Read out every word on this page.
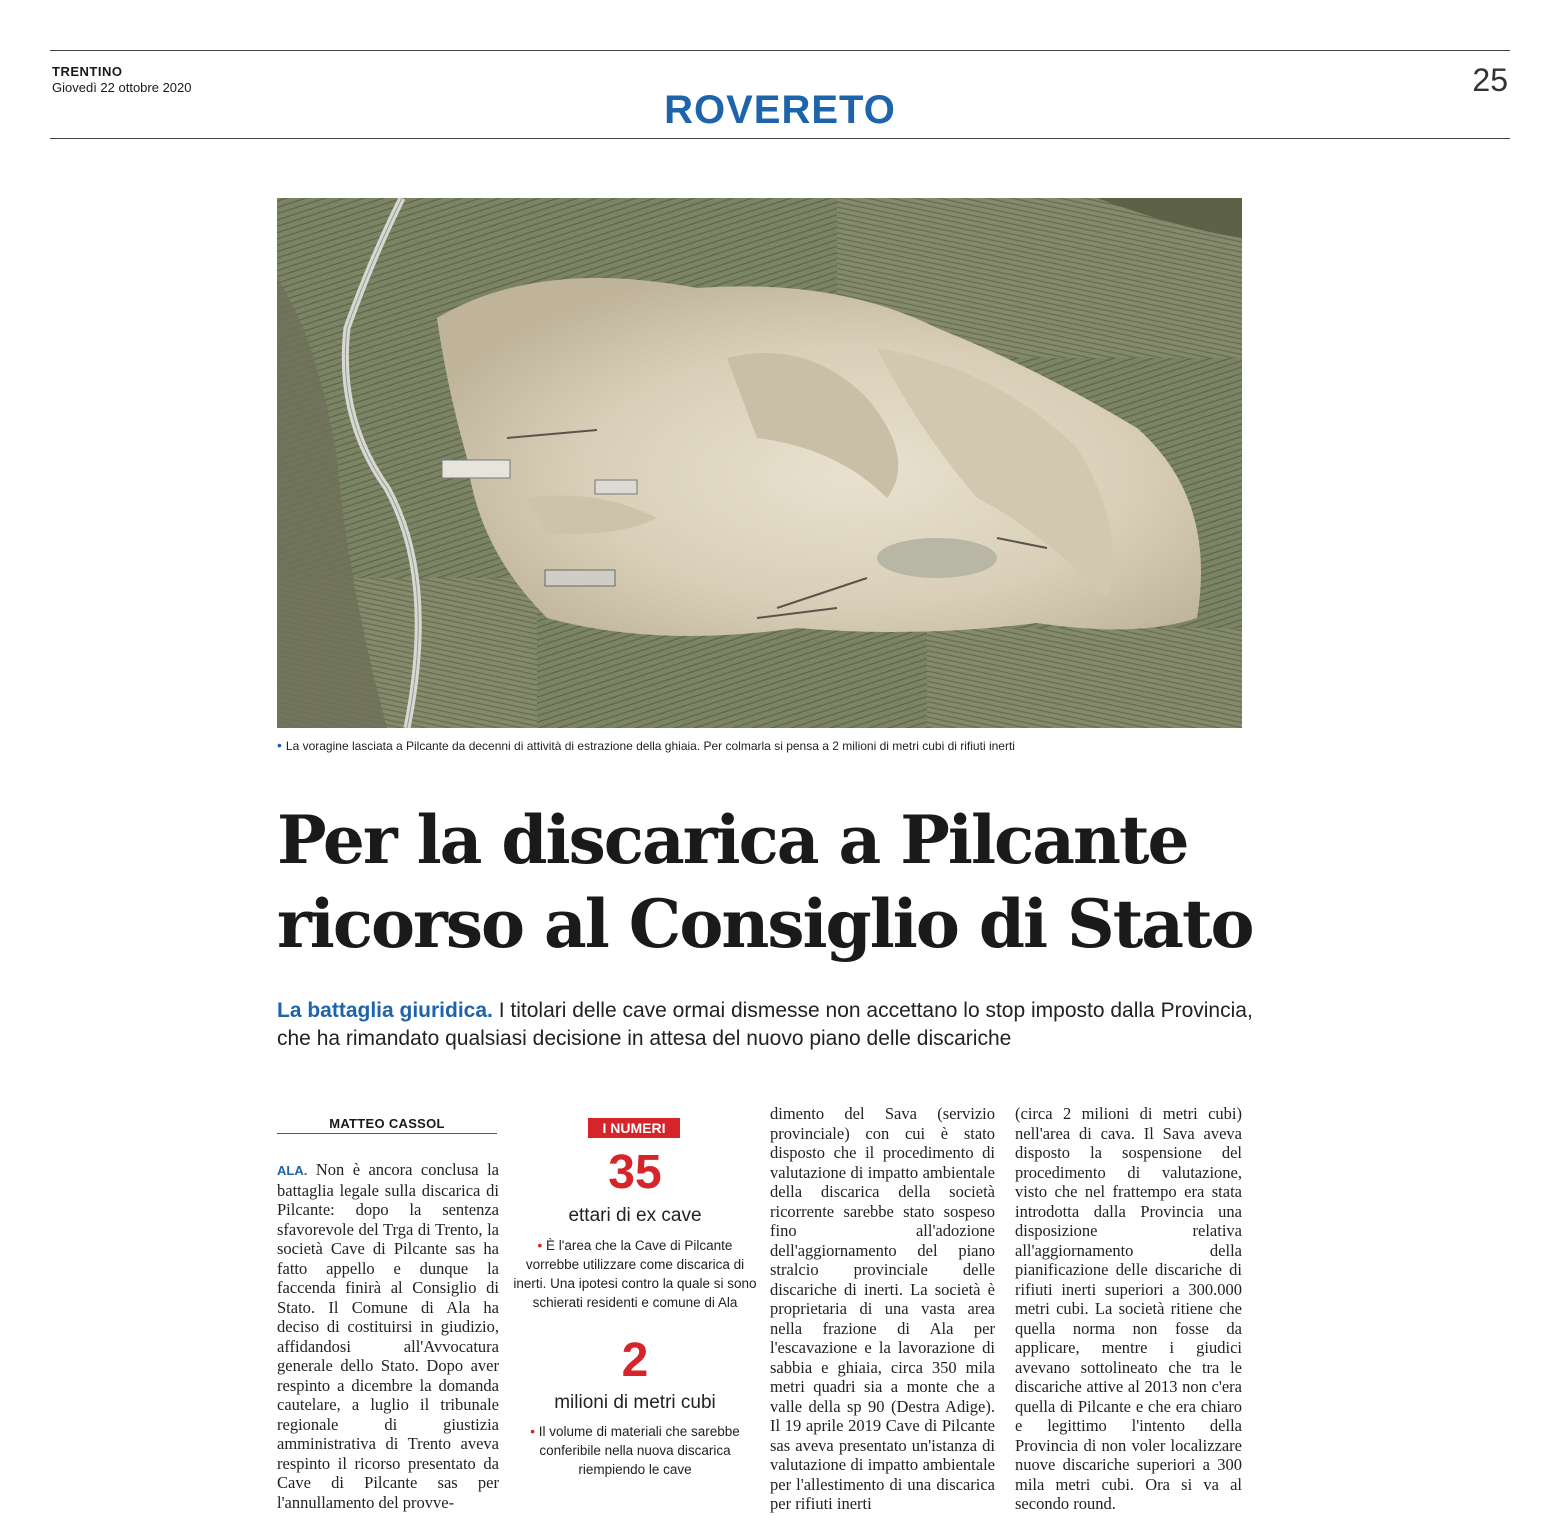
TRENTINO
Giovedì 22 ottobre 2020
ROVERETO
25
• La voragine lasciata a Pilcante da decenni di attività di estrazione della ghiaia. Per colmarla si pensa a 2 milioni di metri cubi di rifiuti inerti
Per la discarica a Pilcante
ricorso al Consiglio di Stato
La battaglia giuridica. I titolari delle cave ormai dismesse non accettano lo stop imposto dalla Provincia, che ha rimandato qualsiasi decisione in attesa del nuovo piano delle discariche
MATTEO CASSOL
ALA. Non è ancora conclusa la battaglia legale sulla discarica di Pilcante: dopo la sentenza sfavorevole del Trga di Trento, la società Cave di Pilcante sas ha fatto appello e dunque la faccenda finirà al Consiglio di Stato. Il Comune di Ala ha deciso di costituirsi in giudizio, affidandosi all'Avvocatura generale dello Stato. Dopo aver respinto a dicembre la domanda cautelare, a luglio il tribunale regionale di giustizia amministrativa di Trento aveva respinto il ricorso presentato da Cave di Pilcante sas per l'annullamento del provve-
I NUMERI
35
ettari di ex cave
• È l'area che la Cave di Pilcante vorrebbe utilizzare come discarica di inerti. Una ipotesi contro la quale si sono schierati residenti e comune di Ala
2
milioni di metri cubi
• Il volume di materiali che sarebbe conferibile nella nuova discarica riempiendo le cave
dimento del Sava (servizio provinciale) con cui è stato disposto che il procedimento di valutazione di impatto ambientale della discarica della società ricorrente sarebbe stato sospeso fino all'adozione dell'aggiornamento del piano stralcio provinciale delle discariche di inerti. La società è proprietaria di una vasta area nella frazione di Ala per l'escavazione e la lavorazione di sabbia e ghiaia, circa 350 mila metri quadri sia a monte che a valle della sp 90 (Destra Adige). Il 19 aprile 2019 Cave di Pilcante sas aveva presentato un'istanza di valutazione di impatto ambientale per l'allestimento di una discarica per rifiuti inerti
(circa 2 milioni di metri cubi) nell'area di cava. Il Sava aveva disposto la sospensione del procedimento di valutazione, visto che nel frattempo era stata introdotta dalla Provincia una disposizione relativa all'aggiornamento della pianificazione delle discariche di rifiuti inerti superiori a 300.000 metri cubi. La società ritiene che quella norma non fosse da applicare, mentre i giudici avevano sottolineato che tra le discariche attive al 2013 non c'era quella di Pilcante e che era chiaro e legittimo l'intento della Provincia di non voler localizzare nuove discariche superiori a 300 mila metri cubi. Ora si va al secondo round.
